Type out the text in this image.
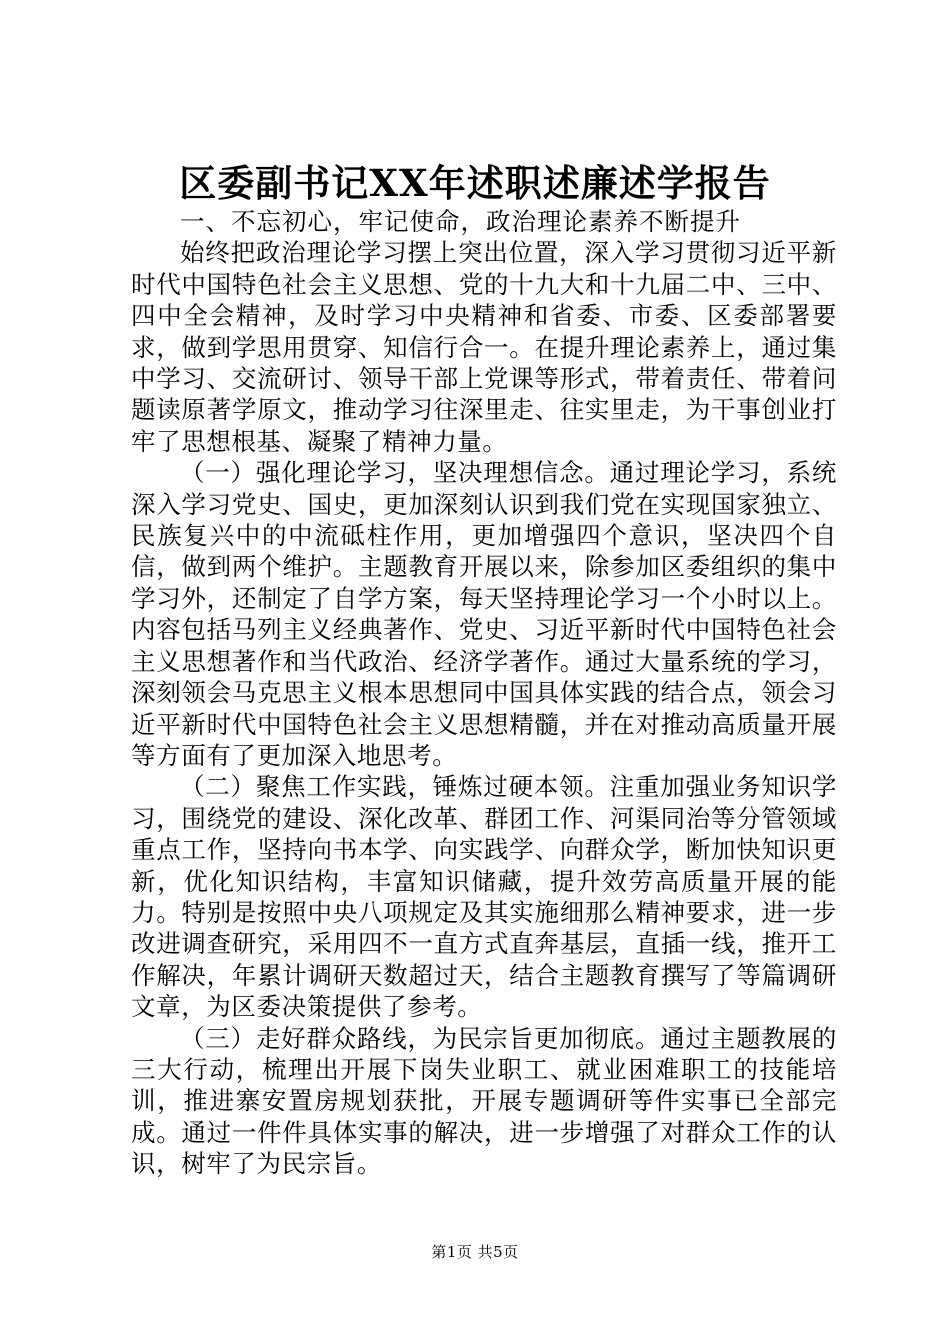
区委副书记XX年述职述廉述学报告

一、不忘初心，牢记使命，政治理论素养不断提升

始终把政治理论学习摆上突出位置，深入学习贯彻习近平新时代中国特色社会主义思想、党的十九大和十九届二中、三中、四中全会精神，及时学习中央精神和省委、市委、区委部署要求，做到学思用贯穿、知信行合一。在提升理论素养上，通过集中学习、交流研讨、领导干部上党课等形式，带着责任、带着问题读原著学原文，推动学习往深里走、往实里走，为干事创业打牢了思想根基、凝聚了精神力量。

（一）强化理论学习，坚决理想信念。通过理论学习，系统深入学习党史、国史，更加深刻认识到我们党在实现国家独立、民族复兴中的中流砥柱作用，更加增强四个意识，坚决四个自信，做到两个维护。主题教育开展以来，除参加区委组织的集中学习外，还制定了自学方案，每天坚持理论学习一个小时以上。内容包括马列主义经典著作、党史、习近平新时代中国特色社会主义思想著作和当代政治、经济学著作。通过大量系统的学习，深刻领会马克思主义根本思想同中国具体实践的结合点，领会习近平新时代中国特色社会主义思想精髓，并在对推动高质量开展等方面有了更加深入地思考。

（二）聚焦工作实践，锤炼过硬本领。注重加强业务知识学习，围绕党的建设、深化改革、群团工作、河渠同治等分管领域重点工作，坚持向书本学、向实践学、向群众学，断加快知识更新，优化知识结构，丰富知识储藏，提升效劳高质量开展的能力。特别是按照中央八项规定及其实施细那么精神要求，进一步改进调查研究，采用四不一直方式直奔基层，直插一线，推开工作解决，年累计调研天数超过天，结合主题教育撰写了等篇调研文章，为区委决策提供了参考。

（三）走好群众路线，为民宗旨更加彻底。通过主题教展的三大行动，梳理出开展下岗失业职工、就业困难职工的技能培训，推进寨安置房规划获批，开展专题调研等件实事已全部完成。通过一件件具体实事的解决，进一步增强了对群众工作的认识，树牢了为民宗旨。

第1页 共5页
